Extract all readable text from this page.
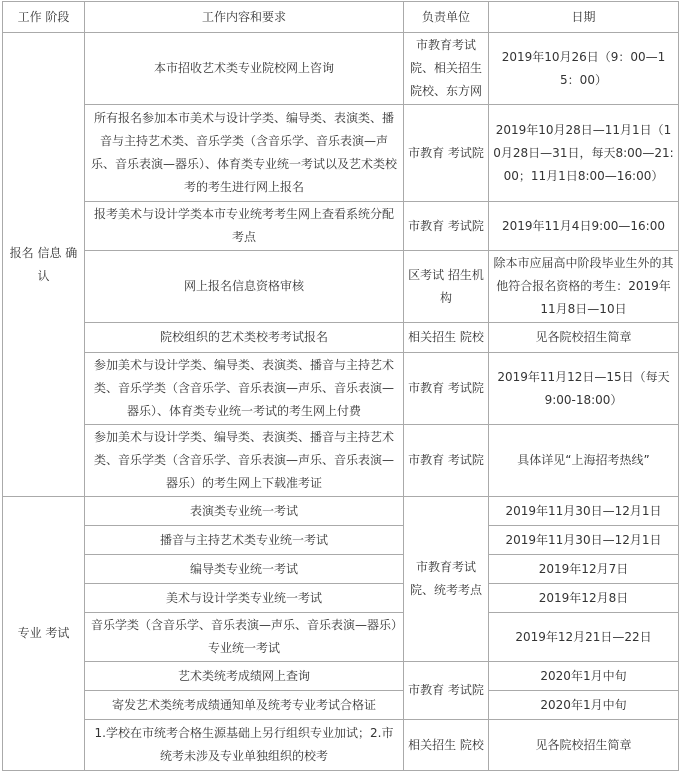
工作 阶段	工作内容和要求	负责单位	日期
报名 信息 确认	本市招收艺术类专业院校网上咨询	市教育考试院、相关招生院校、东方网	2019年10月26日（9：00—15：00）
	所有报名参加本市美术与设计学类、编导类、表演类、播音与主持艺术类、音乐学类（含音乐学、音乐表演—声乐、音乐表演—器乐）、体育类专业统一考试以及艺术类校考的考生进行网上报名	市教育 考试院	2019年10月28日—11月1日（10月28日—31日，每天8:00—21:00；11月1日8:00—16:00）
	报考美术与设计学类本市专业统考考生网上查看系统分配考点	市教育 考试院	2019年11月4日9:00—16:00
	网上报名信息资格审核	区考试 招生机构	除本市应届高中阶段毕业生外的其他符合报名资格的考生：2019年11月8日—10日
	院校组织的艺术类校考考试报名	相关招生 院校	见各院校招生简章
	参加美术与设计学类、编导类、表演类、播音与主持艺术类、音乐学类（含音乐学、音乐表演—声乐、音乐表演—器乐）、体育类专业统一考试的考生网上付费	市教育 考试院	2019年11月12日—15日（每天9:00-18:00）
	参加美术与设计学类、编导类、表演类、播音与主持艺术类、音乐学类（含音乐学、音乐表演—声乐、音乐表演—器乐）的考生网上下载准考证	市教育 考试院	具体详见“上海招考热线”
专业 考试	表演类专业统一考试	市教育考试院、统考考点	2019年11月30日—12月1日
	播音与主持艺术类专业统一考试		2019年11月30日—12月1日
	编导类专业统一考试		2019年12月7日
	美术与设计学类专业统一考试		2019年12月8日
	音乐学类（含音乐学、音乐表演—声乐、音乐表演—器乐）专业统一考试		2019年12月21日—22日
	艺术类统考成绩网上查询	市教育 考试院	2020年1月中旬
	寄发艺术类统考成绩通知单及统考专业考试合格证		2020年1月中旬
	1.学校在市统考合格生源基础上另行组织专业加试；2.市统考未涉及专业单独组织的校考	相关招生 院校	见各院校招生简章
